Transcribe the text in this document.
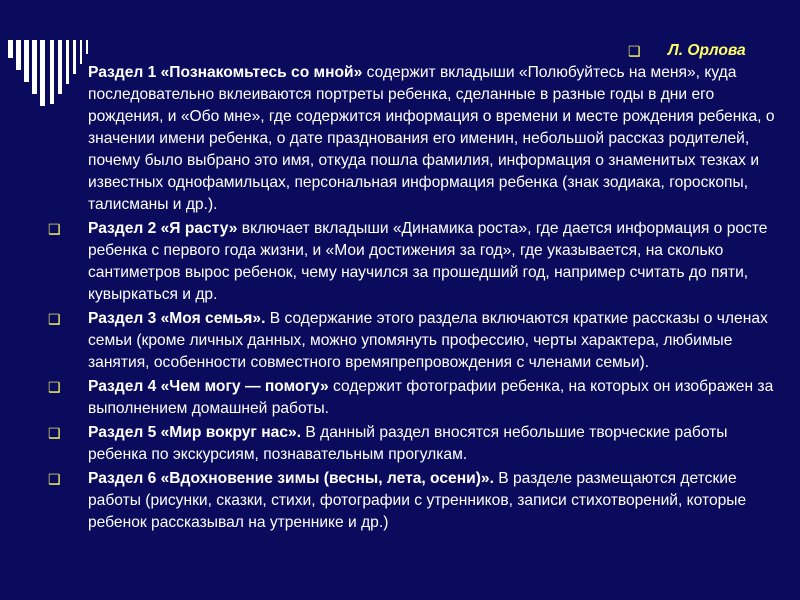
❑ Л. Орлова

Раздел 1 «Познакомьтесь со мной» содержит вкладыши «Полюбуйтесь на меня», куда последовательно вклеиваются портреты ребенка, сделанные в разные годы в дни его рождения, и «Обо мне», где содержится информация о времени и месте рождения ребенка, о значении имени ребенка, о дате празднования его именин, небольшой рассказ родителей, почему было выбрано это имя, откуда пошла фамилия, информация о знаменитых тезках и известных однофамильцах, персональная информация ребенка (знак зодиака, гороскопы, талисманы и др.).
❑ Раздел 2 «Я расту» включает вкладыши «Динамика роста», где дается информация о росте ребенка с первого года жизни, и «Мои достижения за год», где указывается, на сколько сантиметров вырос ребенок, чему научился за прошедший год, например считать до пяти, кувыркаться и др.
❑ Раздел 3 «Моя семья». В содержание этого раздела включаются краткие рассказы о членах семьи (кроме личных данных, можно упомянуть профессию, черты характера, любимые занятия, особенности совместного времяпрепровождения с членами семьи).
❑ Раздел 4 «Чем могу — помогу» содержит фотографии ребенка, на которых он изображен за выполнением домашней работы.
❑ Раздел 5 «Мир вокруг нас». В данный раздел вносятся небольшие творческие работы ребенка по экскурсиям, познавательным прогулкам.
❑ Раздел 6 «Вдохновение зимы (весны, лета, осени)». В разделе размещаются детские работы (рисунки, сказки, стихи, фотографии с утренников, записи стихотворений, которые ребенок рассказывал на утреннике и др.)
